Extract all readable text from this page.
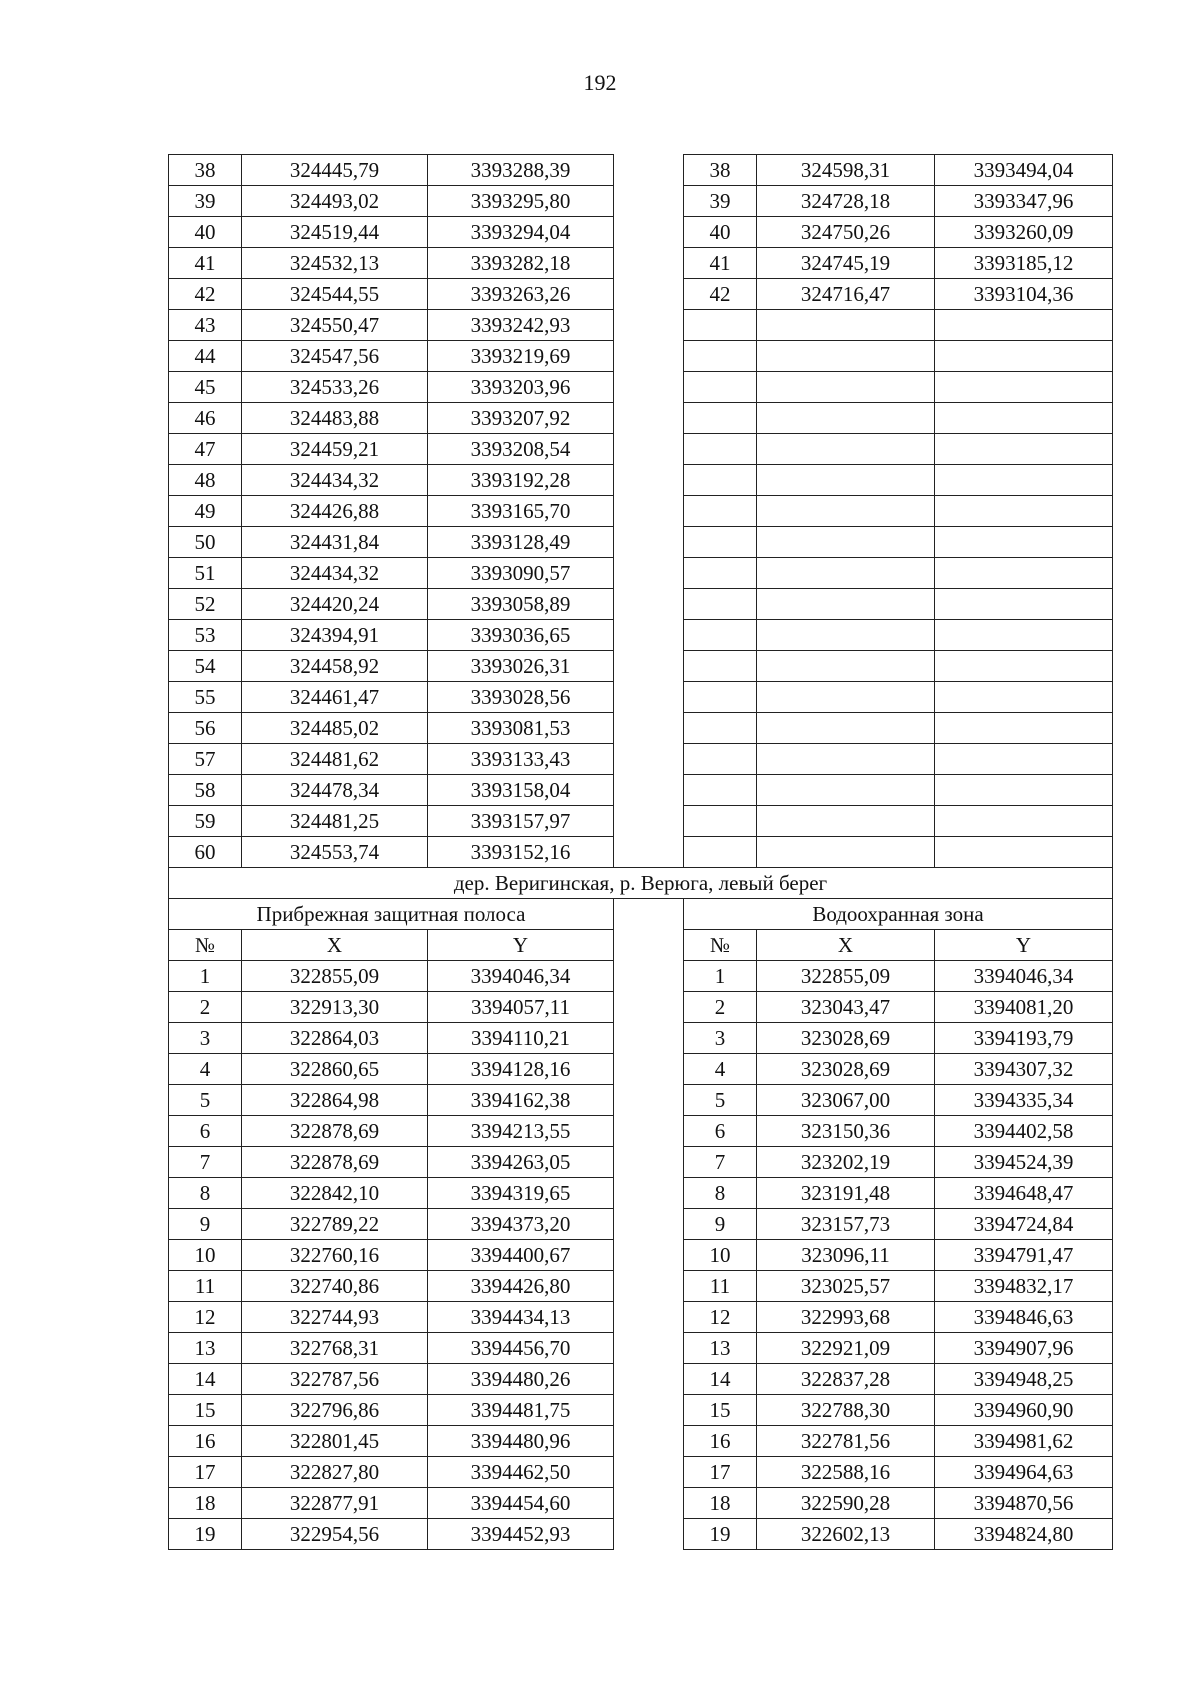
192
38	324445,79	3393288,39		38	324598,31	3393494,04
39	324493,02	3393295,80		39	324728,18	3393347,96
40	324519,44	3393294,04		40	324750,26	3393260,09
41	324532,13	3393282,18		41	324745,19	3393185,12
42	324544,55	3393263,26		42	324716,47	3393104,36
43	324550,47	3393242,93				
44	324547,56	3393219,69				
45	324533,26	3393203,96				
46	324483,88	3393207,92				
47	324459,21	3393208,54				
48	324434,32	3393192,28				
49	324426,88	3393165,70				
50	324431,84	3393128,49				
51	324434,32	3393090,57				
52	324420,24	3393058,89				
53	324394,91	3393036,65				
54	324458,92	3393026,31				
55	324461,47	3393028,56				
56	324485,02	3393081,53				
57	324481,62	3393133,43				
58	324478,34	3393158,04				
59	324481,25	3393157,97				
60	324553,74	3393152,16				
дер. Веригинская, р. Верюга, левый берег						
Прибрежная защитная полоса				Водоохранная зона		
№	X	Y		№	X	Y
1	322855,09	3394046,34		1	322855,09	3394046,34
2	322913,30	3394057,11		2	323043,47	3394081,20
3	322864,03	3394110,21		3	323028,69	3394193,79
4	322860,65	3394128,16		4	323028,69	3394307,32
5	322864,98	3394162,38		5	323067,00	3394335,34
6	322878,69	3394213,55		6	323150,36	3394402,58
7	322878,69	3394263,05		7	323202,19	3394524,39
8	322842,10	3394319,65		8	323191,48	3394648,47
9	322789,22	3394373,20		9	323157,73	3394724,84
10	322760,16	3394400,67		10	323096,11	3394791,47
11	322740,86	3394426,80		11	323025,57	3394832,17
12	322744,93	3394434,13		12	322993,68	3394846,63
13	322768,31	3394456,70		13	322921,09	3394907,96
14	322787,56	3394480,26		14	322837,28	3394948,25
15	322796,86	3394481,75		15	322788,30	3394960,90
16	322801,45	3394480,96		16	322781,56	3394981,62
17	322827,80	3394462,50		17	322588,16	3394964,63
18	322877,91	3394454,60		18	322590,28	3394870,56
19	322954,56	3394452,93		19	322602,13	3394824,80
